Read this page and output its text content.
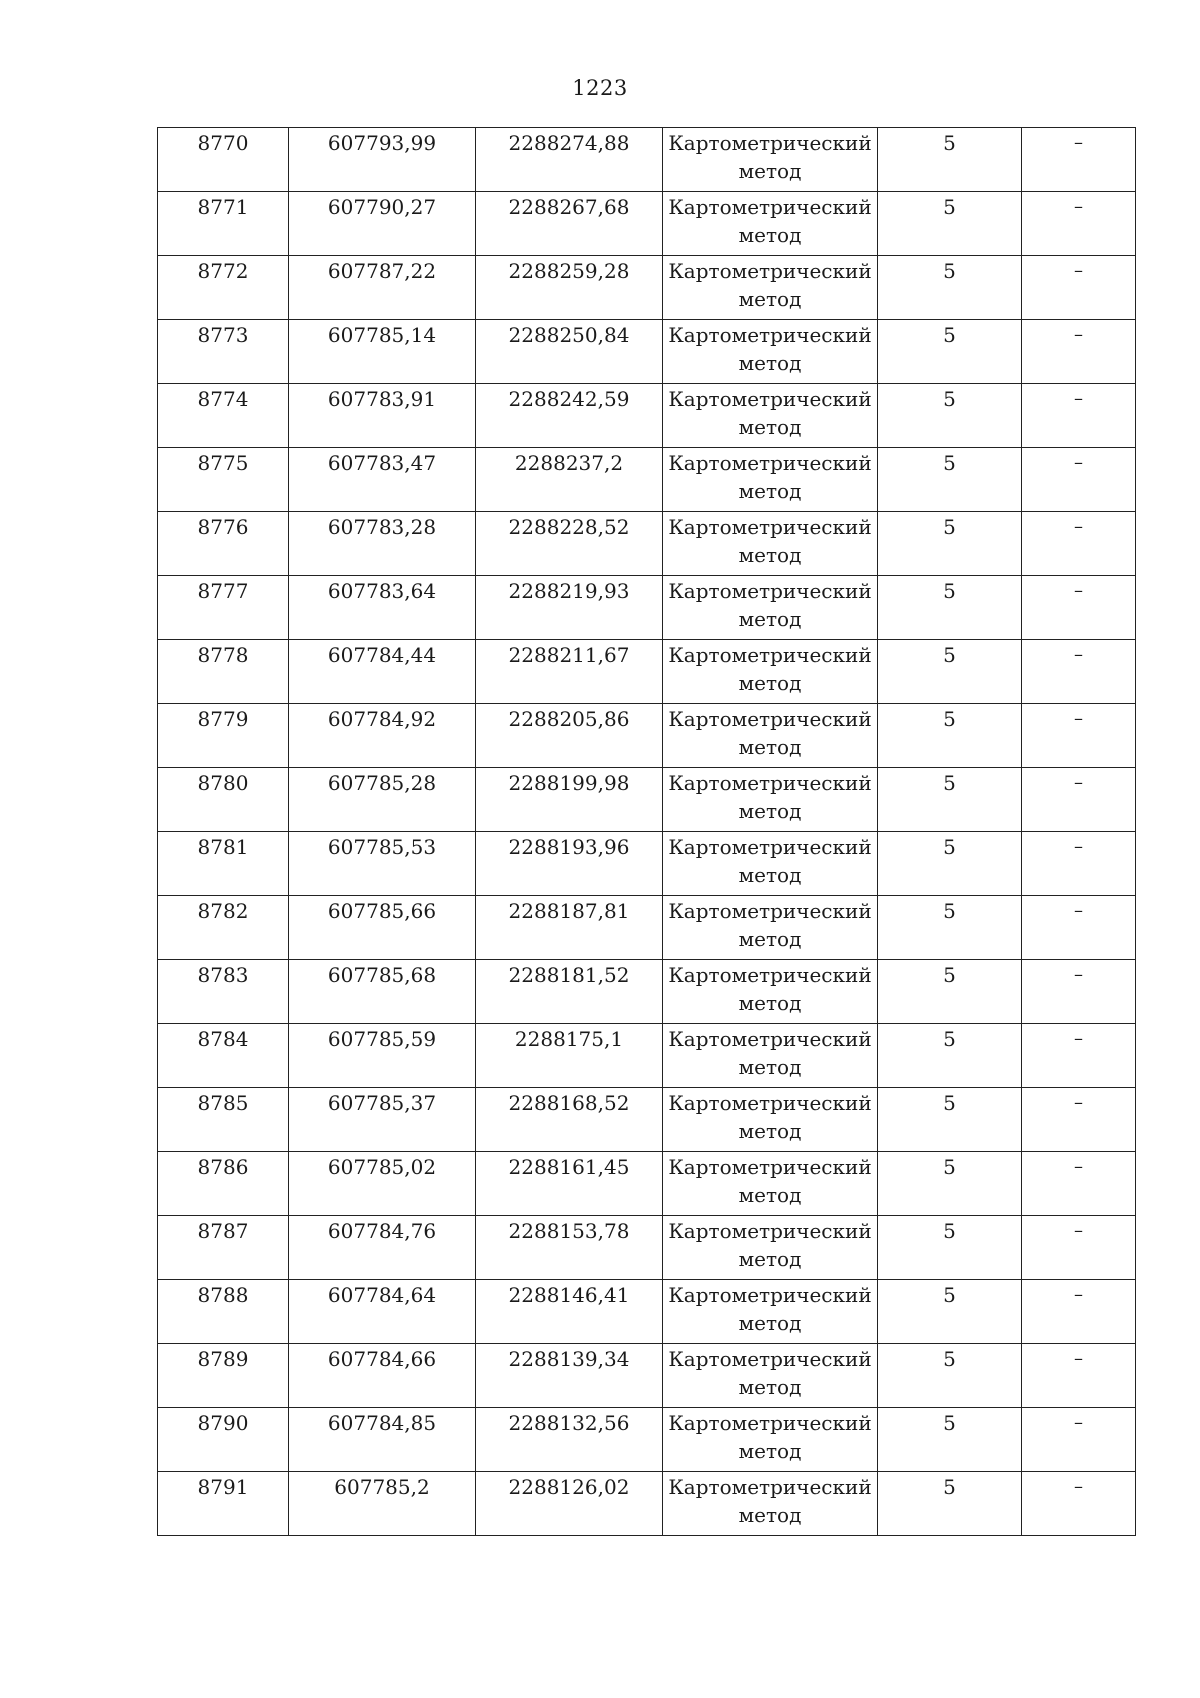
1223
8770	607793,99	2288274,88	Картометрический метод	5	–

8771	607790,27	2288267,68	Картометрический метод	5	–

8772	607787,22	2288259,28	Картометрический метод	5	–

8773	607785,14	2288250,84	Картометрический метод	5	–

8774	607783,91	2288242,59	Картометрический метод	5	–

8775	607783,47	2288237,2	Картометрический метод	5	–

8776	607783,28	2288228,52	Картометрический метод	5	–

8777	607783,64	2288219,93	Картометрический метод	5	–

8778	607784,44	2288211,67	Картометрический метод	5	–

8779	607784,92	2288205,86	Картометрический метод	5	–

8780	607785,28	2288199,98	Картометрический метод	5	–

8781	607785,53	2288193,96	Картометрический метод	5	–

8782	607785,66	2288187,81	Картометрический метод	5	–

8783	607785,68	2288181,52	Картометрический метод	5	–

8784	607785,59	2288175,1	Картометрический метод	5	–

8785	607785,37	2288168,52	Картометрический метод	5	–

8786	607785,02	2288161,45	Картометрический метод	5	–

8787	607784,76	2288153,78	Картометрический метод	5	–

8788	607784,64	2288146,41	Картометрический метод	5	–

8789	607784,66	2288139,34	Картометрический метод	5	–

8790	607784,85	2288132,56	Картометрический метод	5	–

8791	607785,2	2288126,02	Картометрический метод	5	–
